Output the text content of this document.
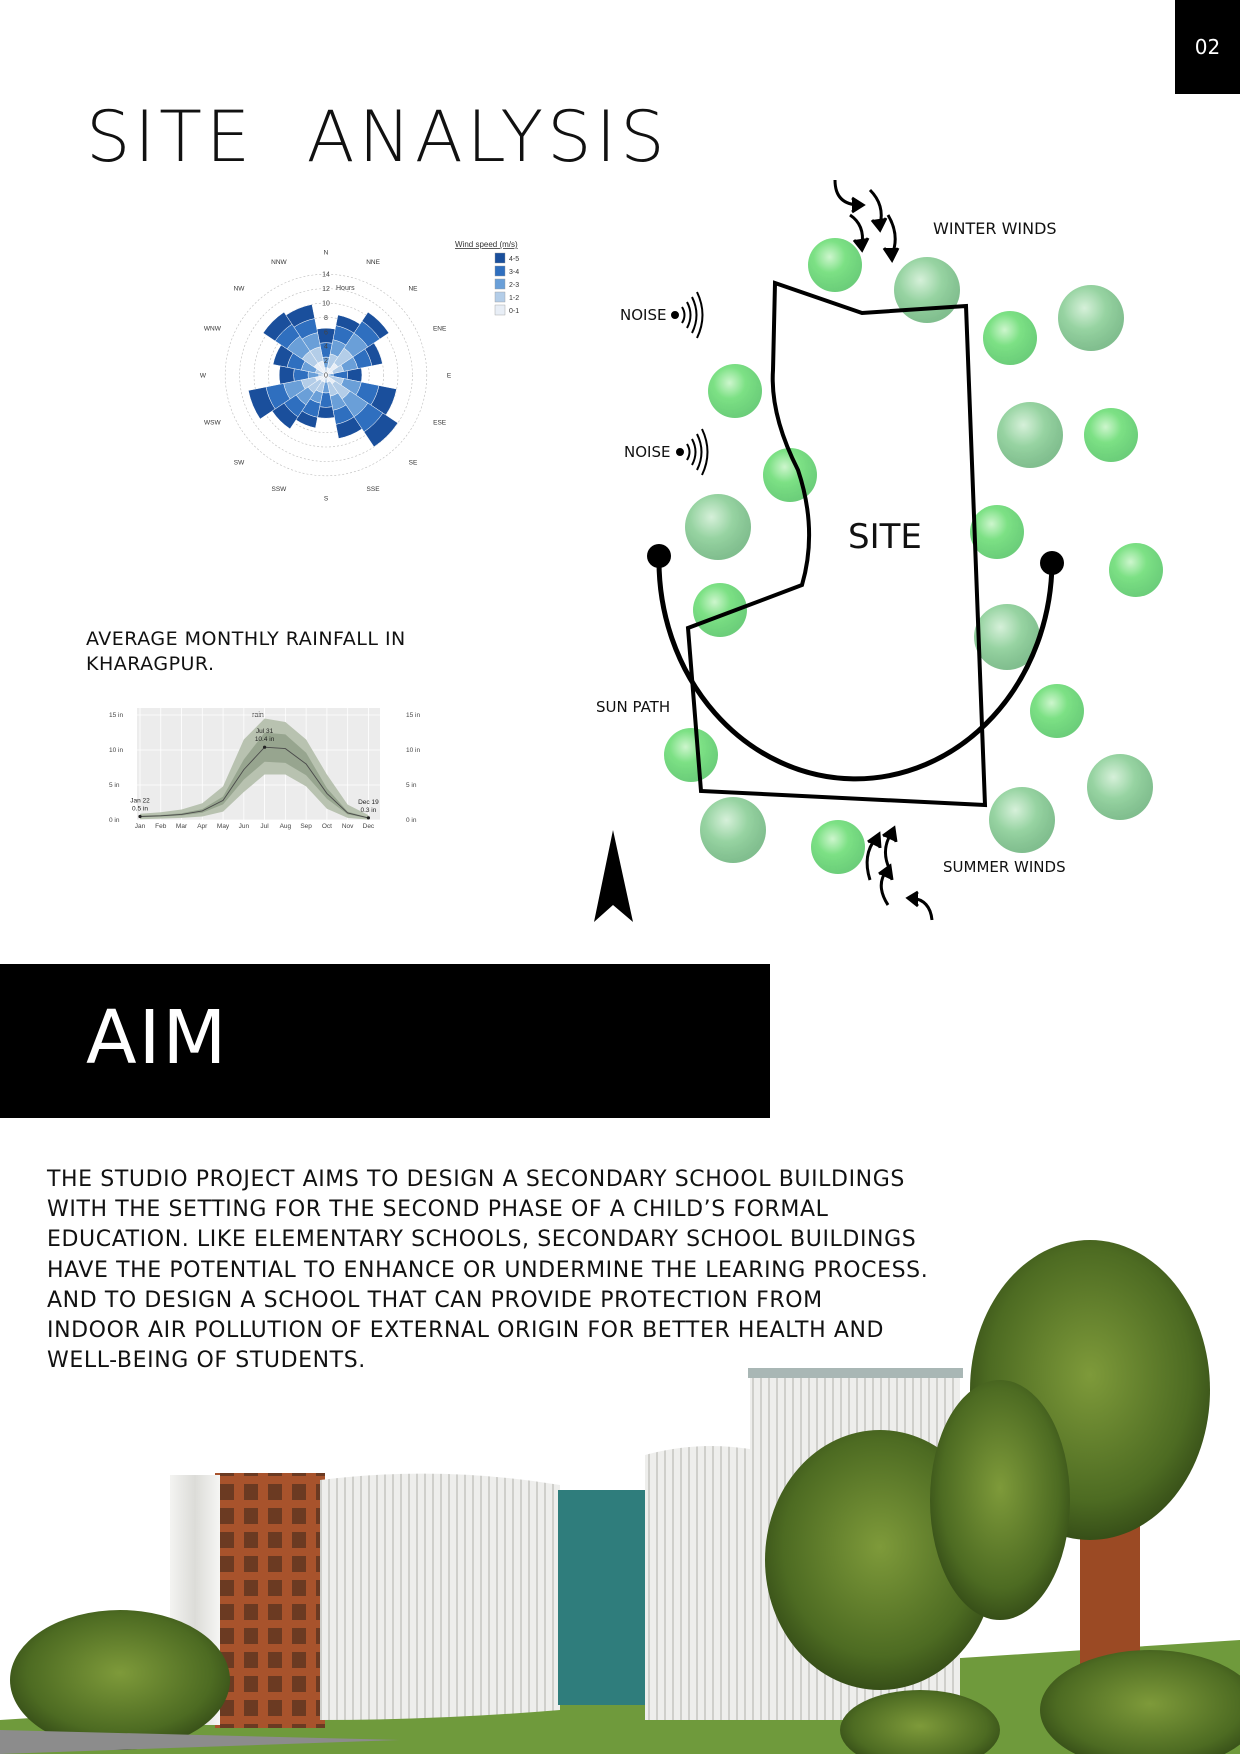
02
SITE  ANALYSIS
N
NNE
NE
ENE
E
ESE
SE
SSE
S
SSW
SW
WSW
W
WNW
NW
NNW
14
12
10
8
6
4
2
0
Hours
Wind speed (m/s)
4-5
3-4
2-3
1-2
0-1
AVERAGE MONTHLY RAINFALL IN
KHARAGPUR.
rain
Jan Feb Mar Apr May Jun Jul Aug Sep Oct Nov Dec
15 in
10 in
5 in
0 in
15 in
10 in
5 in
0 in
Jan 22
0.5 in
Jul 31
10.4 in
Dec 19
0.3 in
SITE
WINTER WINDS
SUMMER WINDS
NOISE
NOISE
SUN PATH
AIM
THE STUDIO PROJECT AIMS TO DESIGN A SECONDARY SCHOOL BUILDINGS
WITH THE SETTING FOR THE SECOND PHASE OF A CHILD’S FORMAL
EDUCATION. LIKE ELEMENTARY SCHOOLS, SECONDARY SCHOOL BUILDINGS
HAVE THE POTENTIAL TO ENHANCE OR UNDERMINE THE LEARING PROCESS.
AND TO DESIGN A SCHOOL THAT CAN PROVIDE PROTECTION FROM
INDOOR AIR POLLUTION OF EXTERNAL ORIGIN FOR BETTER HEALTH AND
WELL-BEING OF STUDENTS.
